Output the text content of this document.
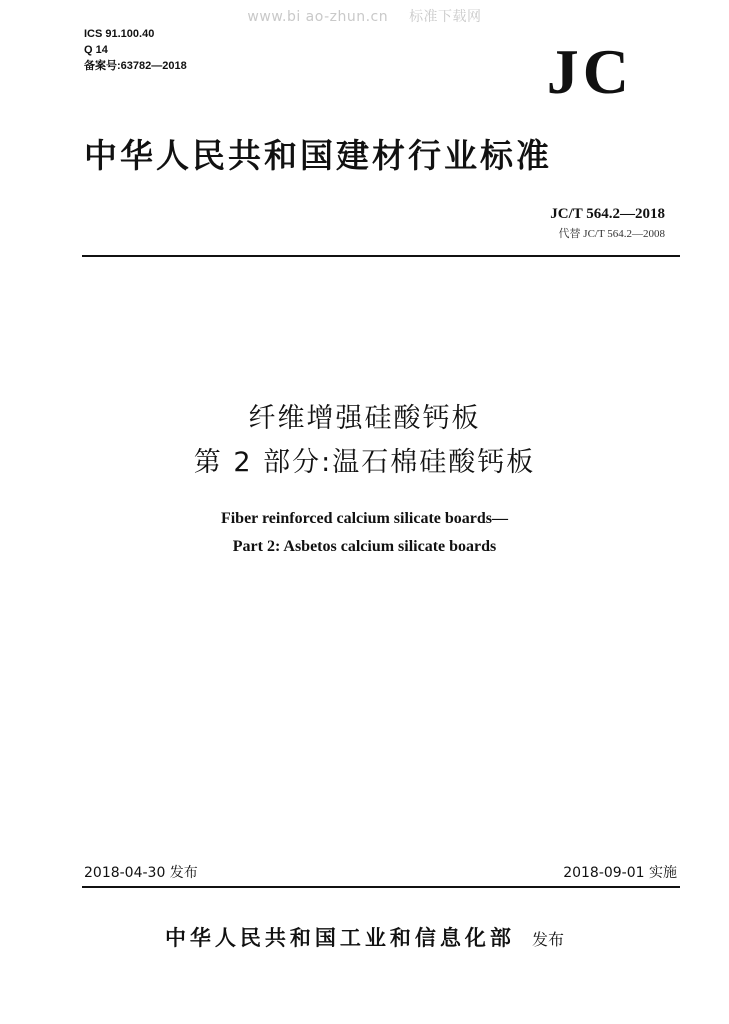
www.bi ao-zhun.cn 标准下载网
ICS 91.100.40
Q 14
备案号:63782—2018	JC
中华人民共和国建材行业标准
JC/T 564.2—2018
代替 JC/T 564.2—2008
纤维增强硅酸钙板
第 2 部分:温石棉硅酸钙板
Fiber reinforced calcium silicate boards—
Part 2: Asbetos calcium silicate boards
2018-04-30 发布	2018-09-01 实施
中华人民共和国工业和信息化部 发布
